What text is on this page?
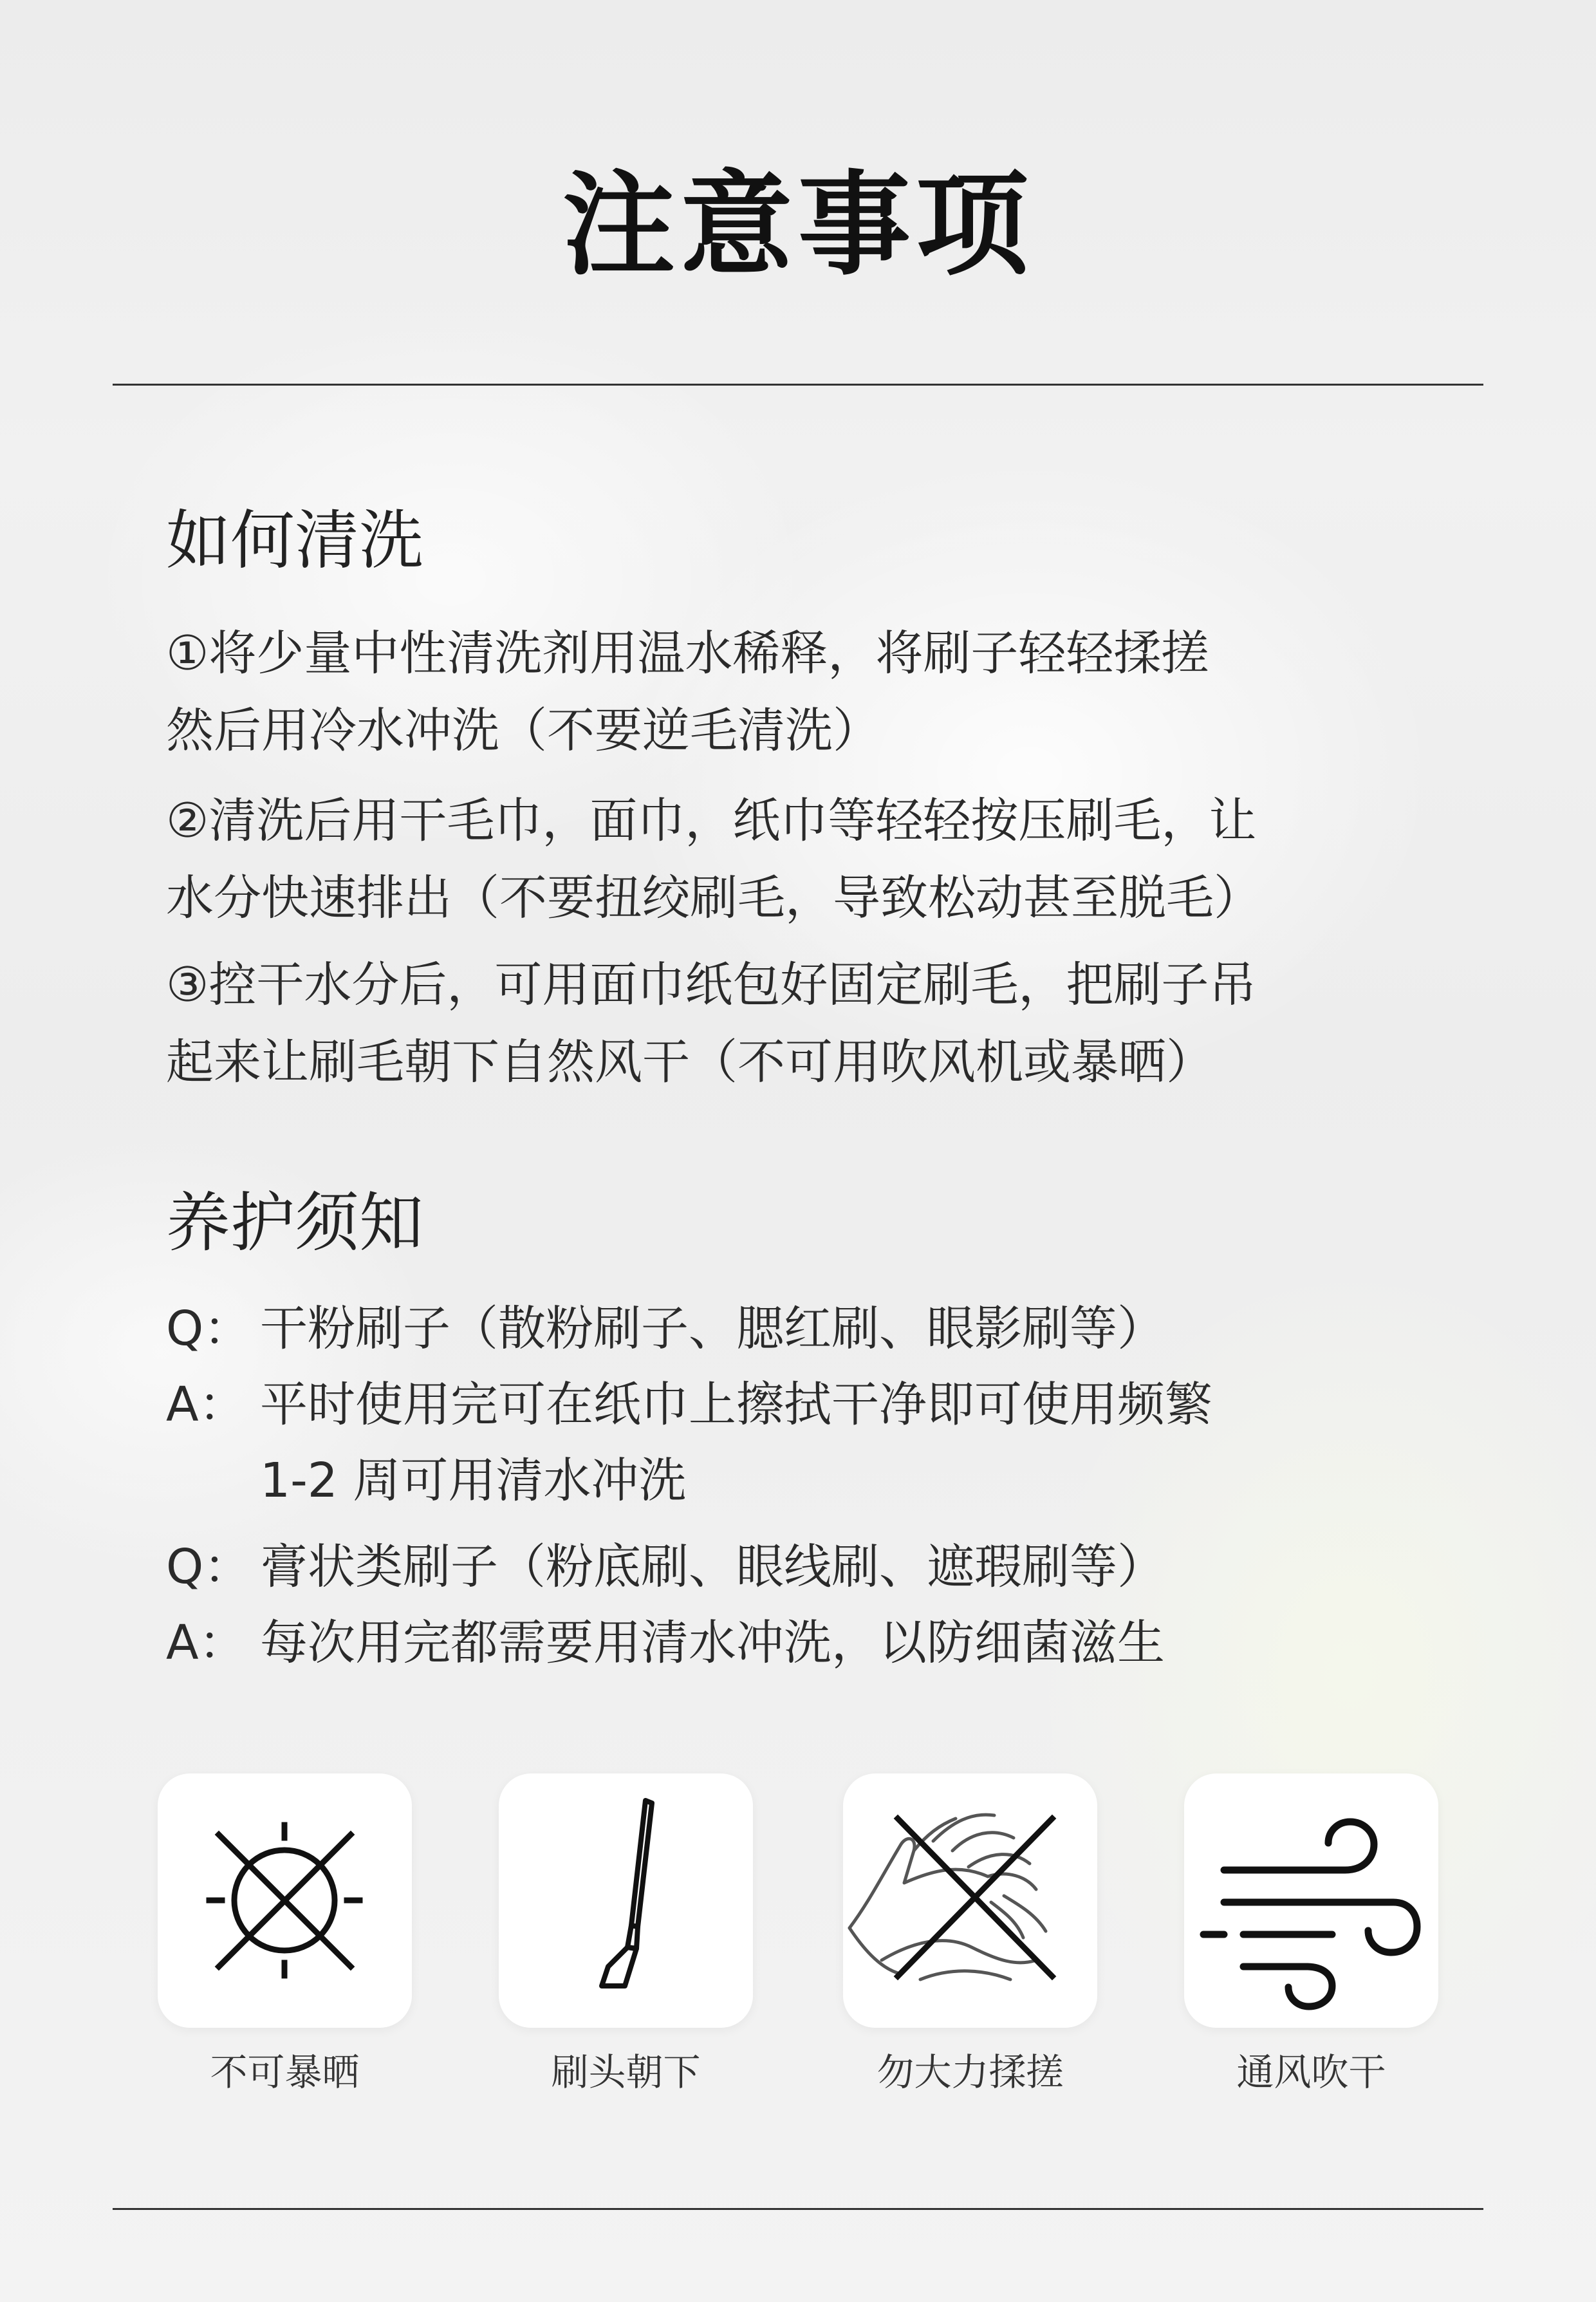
注意事项
如何清洗
①将少量中性清洗剂用温水稀释，将刷子轻轻揉搓
然后用冷水冲洗（不要逆毛清洗）
②清洗后用干毛巾，面巾，纸巾等轻轻按压刷毛，让
水分快速排出（不要扭绞刷毛，导致松动甚至脱毛）
③控干水分后，可用面巾纸包好固定刷毛，把刷子吊
起来让刷毛朝下自然风干（不可用吹风机或暴晒）
养护须知
Q： 干粉刷子（散粉刷子、腮红刷、眼影刷等）
A： 平时使用完可在纸巾上擦拭干净即可使用频繁
1-2 周可用清水冲洗
Q： 膏状类刷子（粉底刷、眼线刷、遮瑕刷等）
A： 每次用完都需要用清水冲洗，以防细菌滋生
不可暴晒	刷头朝下	勿大力揉搓	通风吹干
